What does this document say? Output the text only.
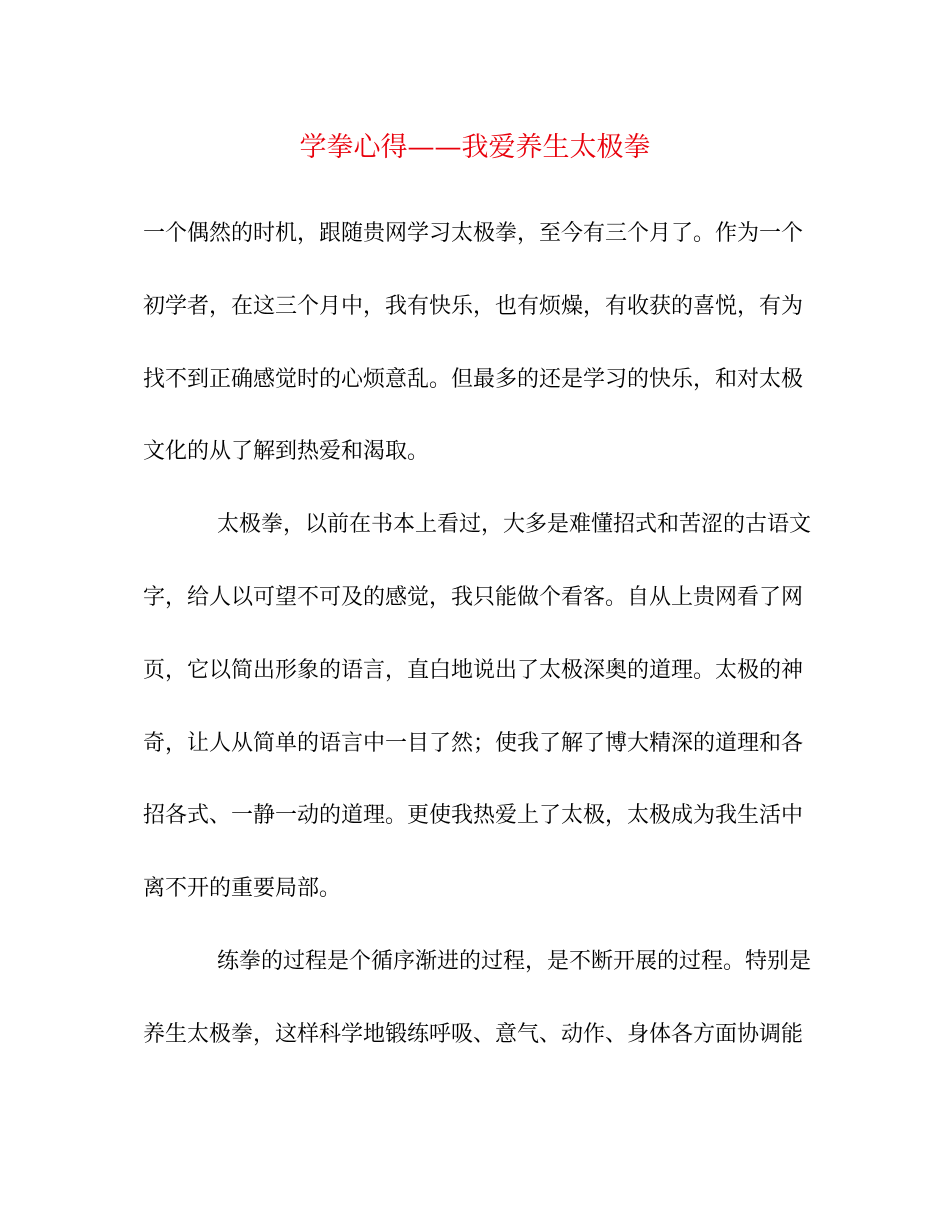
学拳心得——我爱养生太极拳
一个偶然的时机，跟随贵网学习太极拳，至今有三个月了。作为一个
初学者，在这三个月中，我有快乐，也有烦燥，有收获的喜悦，有为
找不到正确感觉时的心烦意乱。但最多的还是学习的快乐，和对太极
文化的从了解到热爱和渴取。
太极拳，以前在书本上看过，大多是难懂招式和苦涩的古语文
字，给人以可望不可及的感觉，我只能做个看客。自从上贵网看了网
页，它以简出形象的语言，直白地说出了太极深奥的道理。太极的神
奇，让人从简单的语言中一目了然；使我了解了博大精深的道理和各
招各式、一静一动的道理。更使我热爱上了太极，太极成为我生活中
离不开的重要局部。
练拳的过程是个循序渐进的过程，是不断开展的过程。特别是
养生太极拳，这样科学地锻练呼吸、意气、动作、身体各方面协调能
